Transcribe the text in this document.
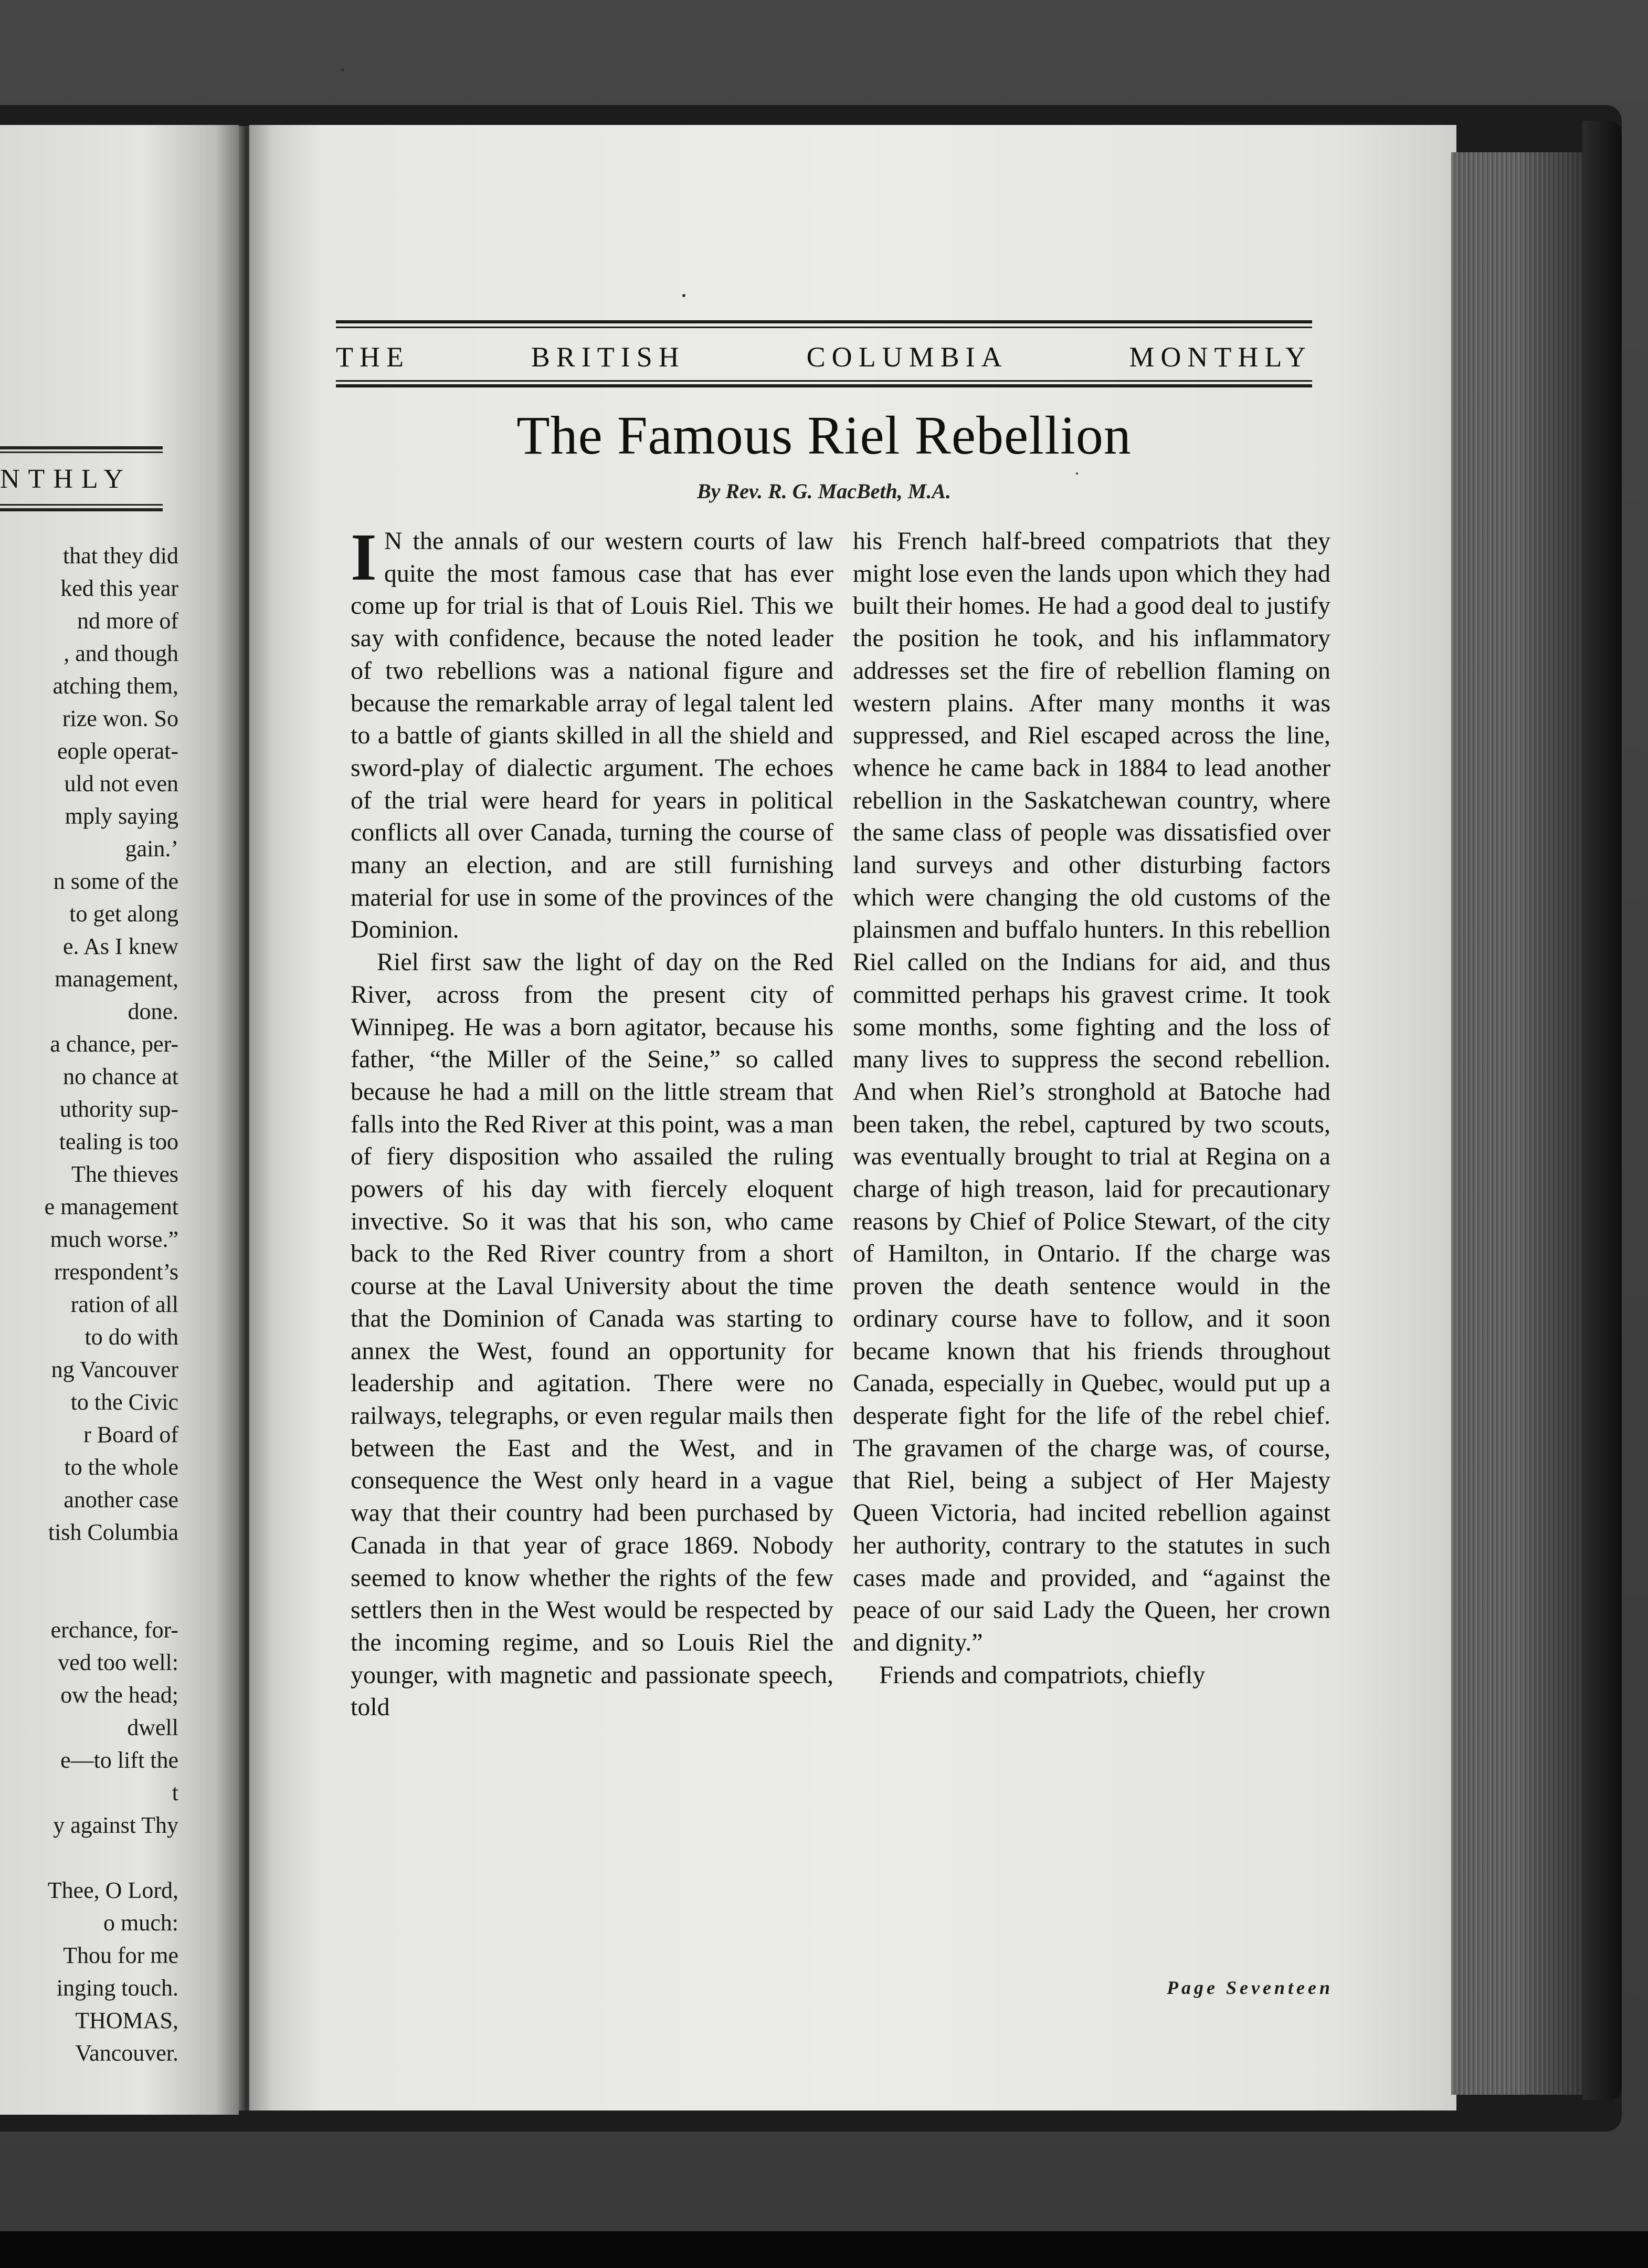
NTHLY
that they did
ked this year
nd more of
, and though
atching them,
rize won. So
eople operat-
uld not even
mply saying
gain.’
n some of the
to get along
e. As I knew
management,
done.
a chance, per-
no chance at
uthority sup-
tealing is too
The thieves
e management
much worse.”
rrespondent’s
ration of all
to do with
ng Vancouver
to the Civic
r Board of
to the whole
another case
tish Columbia
erchance, for-
ved too well:
ow the head;
dwell
e—to lift the
t
y against Thy
Thee, O Lord,
o much:
Thou for me
inging touch.
THOMAS,
Vancouver.
THE	BRITISH	COLUMBIA	MONTHLY
The Famous Riel Rebellion
By Rev. R. G. MacBeth, M.A.

I N the annals of our western courts of law quite the most famous case that has ever come up for trial is that of Louis Riel. This we say with confidence, because the noted leader of two rebellions was a national figure and because the remarkable array of legal talent led to a battle of giants skilled in all the shield and sword-play of dialectic argument. The echoes of the trial were heard for years in political conflicts all over Canada, turning the course of many an election, and are still furnishing material for use in some of the provinces of the Dominion.

Riel first saw the light of day on the Red River, across from the present city of Winnipeg. He was a born agitator, because his father, “the Miller of the Seine,” so called because he had a mill on the little stream that falls into the Red River at this point, was a man of fiery disposition who assailed the ruling powers of his day with fiercely eloquent invective. So it was that his son, who came back to the Red River country from a short course at the Laval University about the time that the Dominion of Canada was starting to annex the West, found an opportunity for leadership and agitation. There were no railways, telegraphs, or even regular mails then between the East and the West, and in consequence the West only heard in a vague way that their country had been purchased by Canada in that year of grace 1869. Nobody seemed to know whether the rights of the few settlers then in the West would be respected by the incoming regime, and so Louis Riel the younger, with magnetic and passionate speech, told

his French half-breed compatriots that they might lose even the lands upon which they had built their homes. He had a good deal to justify the position he took, and his inflammatory addresses set the fire of rebellion flaming on western plains. After many months it was suppressed, and Riel escaped across the line, whence he came back in 1884 to lead another rebellion in the Saskatchewan country, where the same class of people was dissatisfied over land surveys and other disturbing factors which were changing the old customs of the plainsmen and buffalo hunters. In this rebellion Riel called on the Indians for aid, and thus committed perhaps his gravest crime. It took some months, some fighting and the loss of many lives to suppress the second rebellion. And when Riel’s stronghold at Batoche had been taken, the rebel, captured by two scouts, was eventually brought to trial at Regina on a charge of high treason, laid for precautionary reasons by Chief of Police Stewart, of the city of Hamilton, in Ontario. If the charge was proven the death sentence would in the ordinary course have to follow, and it soon became known that his friends throughout Canada, especially in Quebec, would put up a desperate fight for the life of the rebel chief. The gravamen of the charge was, of course, that Riel, being a subject of Her Majesty Queen Victoria, had incited rebellion against her authority, contrary to the statutes in such cases made and provided, and “against the peace of our said Lady the Queen, her crown and dignity.”

Friends and compatriots, chiefly

Page Seventeen
